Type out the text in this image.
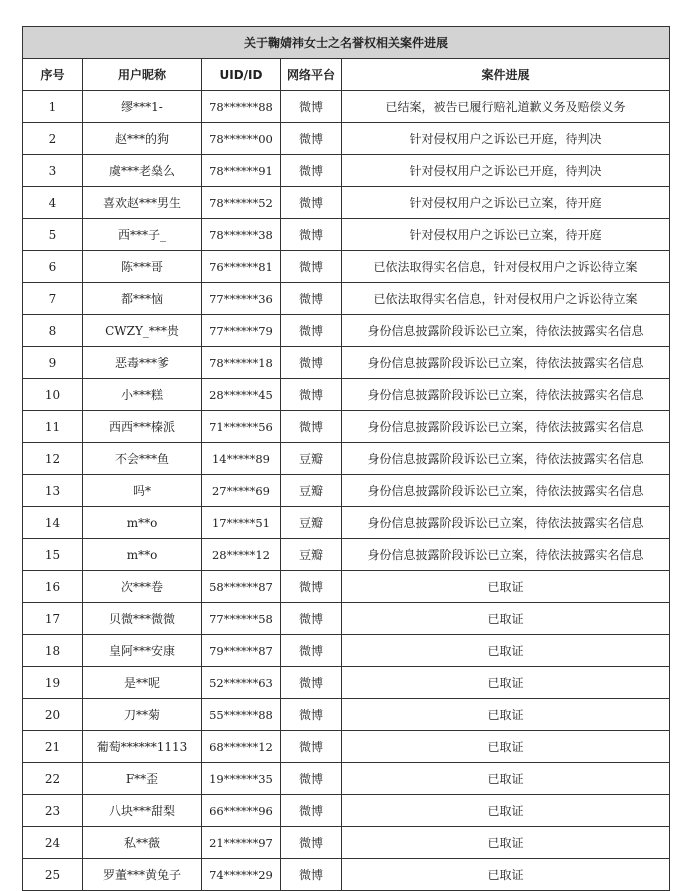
关于鞠婧祎女士之名誉权相关案件进展				
序号	用户昵称	UID/ID	网络平台	案件进展
1	缪***1-	78******88	微博	已结案，被告已履行赔礼道歉义务及赔偿义务
2	赵***的狗	78******00	微博	针对侵权用户之诉讼已开庭，待判决
3	虞***老燊么	78******91	微博	针对侵权用户之诉讼已开庭，待判决
4	喜欢赵***男生	78******52	微博	针对侵权用户之诉讼已立案，待开庭
5	西***子_	78******38	微博	针对侵权用户之诉讼已立案，待开庭
6	陈***哥	76******81	微博	已依法取得实名信息，针对侵权用户之诉讼待立案
7	都***恼	77******36	微博	已依法取得实名信息，针对侵权用户之诉讼待立案
8	CWZY_***贵	77******79	微博	身份信息披露阶段诉讼已立案，待依法披露实名信息
9	恶毒***爹	78******18	微博	身份信息披露阶段诉讼已立案，待依法披露实名信息
10	小***糕	28******45	微博	身份信息披露阶段诉讼已立案，待依法披露实名信息
11	西西***榛派	71******56	微博	身份信息披露阶段诉讼已立案，待依法披露实名信息
12	不会***鱼	14*****89	豆瓣	身份信息披露阶段诉讼已立案，待依法披露实名信息
13	吗*	27*****69	豆瓣	身份信息披露阶段诉讼已立案，待依法披露实名信息
14	m**o	17*****51	豆瓣	身份信息披露阶段诉讼已立案，待依法披露实名信息
15	m**o	28*****12	豆瓣	身份信息披露阶段诉讼已立案，待依法披露实名信息
16	次***卷	58******87	微博	已取证
17	贝微***微微	77******58	微博	已取证
18	皇阿***安康	79******87	微博	已取证
19	是**呢	52******63	微博	已取证
20	刀**菊	55******88	微博	已取证
21	葡萄******1113	68******12	微博	已取证
22	F**歪	19******35	微博	已取证
23	八块***甜梨	66******96	微博	已取证
24	私**薇	21******97	微博	已取证
25	罗董***黄兔子	74******29	微博	已取证
